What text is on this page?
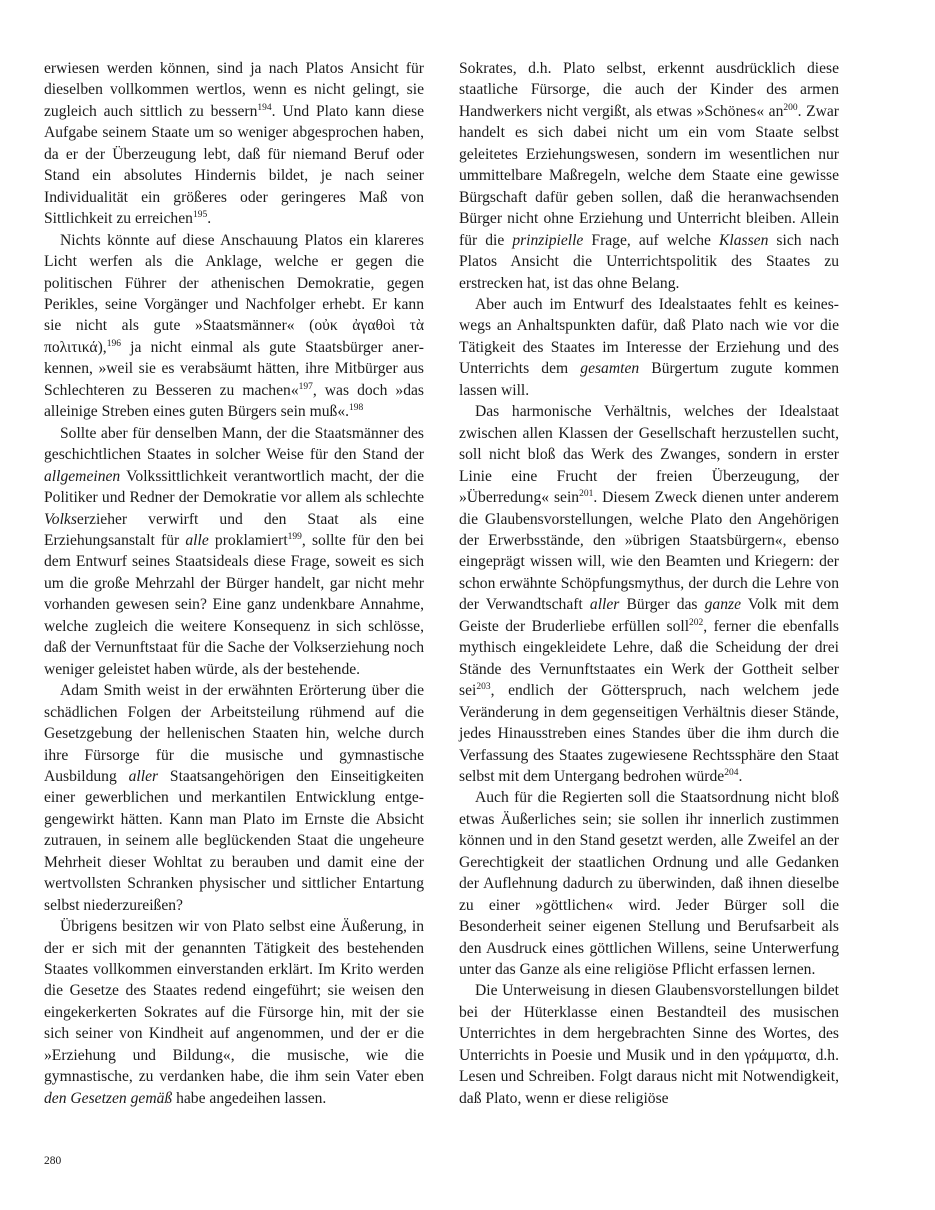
erwiesen werden können, sind ja nach Platos Ansicht für dieselben vollkommen wertlos, wenn es nicht gelingt, sie zugleich auch sittlich zu bessern$^{194}$. Und Plato kann diese Aufgabe seinem Staate um so weniger abgesprochen haben, da er der Überzeugung lebt, daß für niemand Beruf oder Stand ein absolutes Hindernis bildet, je nach seiner Individualität ein größeres oder geringeres Maß von Sittlichkeit zu erreichen$^{195}$.

Nichts könnte auf diese Anschauung Platos ein klareres Licht werfen als die Anklage, welche er gegen die politischen Führer der athenischen Demokratie, gegen Perikles, seine Vorgänger und Nachfolger erhebt. Er kann sie nicht als gute »Staatsmänner« (οὐκ ἀγαθοὶ τὰ πολιτικά),$^{196}$ ja nicht einmal als gute Staatsbürger anerkennen, »weil sie es verabsäumt hätten, ihre Mitbürger aus Schlechteren zu Besseren zu machen«$^{197}$, was doch »das alleinige Streben eines guten Bürgers sein muß«.$^{198}$

Sollte aber für denselben Mann, der die Staatsmänner des geschichtlichen Staates in solcher Weise für den Stand der allgemeinen Volkssittlichkeit verantwortlich macht, der die Politiker und Redner der Demokratie vor allem als schlechte Volkserzieher verwirft und den Staat als eine Erziehungsanstalt für alle proklamiert$^{199}$, sollte für den bei dem Entwurf seines Staatsideals diese Frage, soweit es sich um die große Mehrzahl der Bürger handelt, gar nicht mehr vorhanden gewesen sein? Eine ganz undenkbare Annahme, welche zugleich die weitere Konsequenz in sich schlösse, daß der Vernunftstaat für die Sache der Volkserziehung noch weniger geleistet haben würde, als der bestehende.

Adam Smith weist in der erwähnten Erörterung über die schädlichen Folgen der Arbeitsteilung rühmend auf die Gesetzgebung der hellenischen Staaten hin, welche durch ihre Fürsorge für die musische und gymnastische Ausbildung aller Staatsangehörigen den Einseitigkeiten einer gewerblichen und merkantilen Entwicklung entgegengewirkt hätten. Kann man Plato im Ernste die Absicht zutrauen, in seinem alle beglückenden Staat die ungeheure Mehrheit dieser Wohltat zu berauben und damit eine der wertvollsten Schranken physischer und sittlicher Entartung selbst niederzureißen?

Übrigens besitzen wir von Plato selbst eine Äußerung, in der er sich mit der genannten Tätigkeit des bestehenden Staates vollkommen einverstanden erklärt. Im Krito werden die Gesetze des Staates redend eingeführt; sie weisen den eingekerkerten Sokrates auf die Fürsorge hin, mit der sie sich seiner von Kindheit auf angenommen, und der er die »Erziehung und Bildung«, die musische, wie die gymnastische, zu verdanken habe, die ihm sein Vater eben den Gesetzen gemäß habe angedeihen lassen.

Sokrates, d.h. Plato selbst, erkennt ausdrücklich diese staatliche Fürsorge, die auch der Kinder des armen Handwerkers nicht vergißt, als etwas »Schönes« $an^{200}$. Zwar handelt es sich dabei nicht um ein vom Staate selbst geleitetes Erziehungswesen, sondern im wesentlichen nur ummittelbare Maßregeln, welche dem Staate eine gewisse Bürgschaft dafür geben sollen, daß die heranwachsenden Bürger nicht ohne Erziehung und Unterricht bleiben. Allein für die prinzipielle Frage, auf welche Klassen sich nach Platos Ansicht die Unterrichtspolitik des Staates zu erstrecken hat, ist das ohne Belang.

Aber auch im Entwurf des Idealstaates fehlt es keineswegs an Anhaltspunkten dafür, daß Plato nach wie vor die Tätigkeit des Staates im Interesse der Erziehung und des Unterrichts dem gesamten Bürgertum zugute kommen lassen will.

Das harmonische Verhältnis, welches der Idealstaat zwischen allen Klassen der Gesellschaft herzustellen sucht, soll nicht bloß das Werk des Zwanges, sondern in erster Linie eine Frucht der freien Überzeugung, der »Überredung« sein$^{201}$. Diesem Zweck dienen unter anderem die Glaubensvorstellungen, welche Plato den Angehörigen der Erwerbsstände, den »übrigen Staatsbürgern«, ebenso eingeprägt wissen will, wie den Beamten und Kriegern: der schon erwähnte Schöpfungsmythus, der durch die Lehre von der Verwandtschaft aller Bürger das ganze Volk mit dem Geiste der Bruderliebe erfüllen soll$^{202}$, ferner die ebenfalls mythisch eingekleidete Lehre, daß die Scheidung der drei Stände des Vernunftstaates ein Werk der Gottheit selber sei$^{203}$, endlich der Götterspruch, nach welchem jede Veränderung in dem gegenseitigen Verhältnis dieser Stände, jedes Hinausstreben eines Standes über die ihm durch die Verfassung des Staates zugewiesene Rechtssphäre den Staat selbst mit dem Untergang bedrohen würde$^{204}$.

Auch für die Regierten soll die Staatsordnung nicht bloß etwas Äußerliches sein; sie sollen ihr innerlich zustimmen können und in den Stand gesetzt werden, alle Zweifel an der Gerechtigkeit der staatlichen Ordnung und alle Gedanken der Auflehnung dadurch zu überwinden, daß ihnen dieselbe zu einer »göttlichen« wird. Jeder Bürger soll die Besonderheit seiner eigenen Stellung und Berufsarbeit als den Ausdruck eines göttlichen Willens, seine Unterwerfung unter das Ganze als eine religiöse Pflicht erfassen lernen.

Die Unterweisung in diesen Glaubensvorstellungen bildet bei der Hüterklasse einen Bestandteil des musischen Unterrichtes in dem hergebrachten Sinne des Wortes, des Unterrichts in Poesie und Musik und in den γράμματα, d.h. Lesen und Schreiben. Folgt daraus nicht mit Notwendigkeit, daß Plato, wenn er diese religiöse

280
